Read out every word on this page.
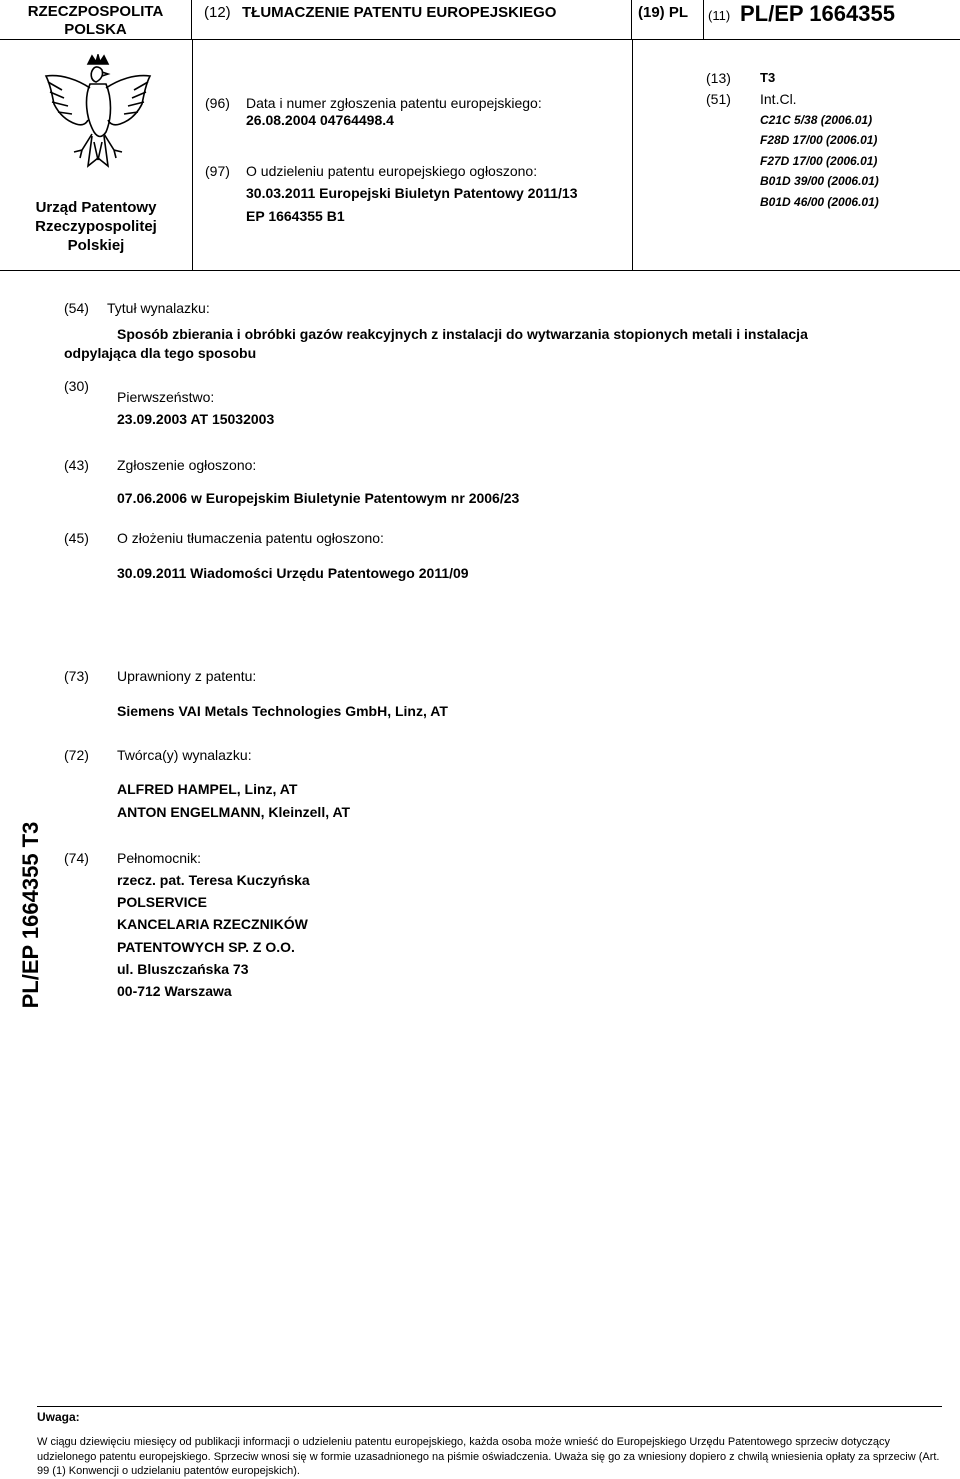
RZECZPOSPOLITA
POLSKA
(12) TŁUMACZENIE PATENTU EUROPEJSKIEGO	(19) PL (11) PL/EP 1664355
Urząd Patentowy
Rzeczypospolitej
Polskiej
(96) Data i numer zgłoszenia patentu europejskiego:
26.08.2004 04764498.4
(97) O udzieleniu patentu europejskiego ogłoszono:
30.03.2011 Europejski Biuletyn Patentowy 2011/13
EP 1664355 B1
(13) T3
(51) Int.Cl.
C21C 5/38 (2006.01)
F28D 17/00 (2006.01)
F27D 17/00 (2006.01)
B01D 39/00 (2006.01)
B01D 46/00 (2006.01)
(54) Tytuł wynalazku:
Sposób zbierania i obróbki gazów reakcyjnych z instalacji do wytwarzania stopionych metali i instalacja
odpylająca dla tego sposobu
(30)
Pierwszeństwo:
23.09.2003 AT 15032003
(43) Zgłoszenie ogłoszono:
07.06.2006 w Europejskim Biuletynie Patentowym nr 2006/23
(45) O złożeniu tłumaczenia patentu ogłoszono:
30.09.2011 Wiadomości Urzędu Patentowego 2011/09
(73) Uprawniony z patentu:
Siemens VAI Metals Technologies GmbH, Linz, AT
(72) Twórca(y) wynalazku:
ALFRED HAMPEL, Linz, AT
ANTON ENGELMANN, Kleinzell, AT
(74) Pełnomocnik:
rzecz. pat. Teresa Kuczyńska
POLSERVICE
KANCELARIA RZECZNIKÓW
PATENTOWYCH SP. Z O.O.
ul. Bluszczańska 73
00-712 Warszawa
PL/EP 1664355 T3
Uwaga:
W ciągu dziewięciu miesięcy od publikacji informacji o udzieleniu patentu europejskiego, każda osoba może wnieść do Europejskiego Urzędu Patentowego sprzeciw dotyczący udzielonego patentu europejskiego. Sprzeciw wnosi się w formie uzasadnionego na piśmie oświadczenia. Uważa się go za wniesiony dopiero z chwilą wniesienia opłaty za sprzeciw (Art. 99 (1) Konwencji o udzielaniu patentów europejskich).
